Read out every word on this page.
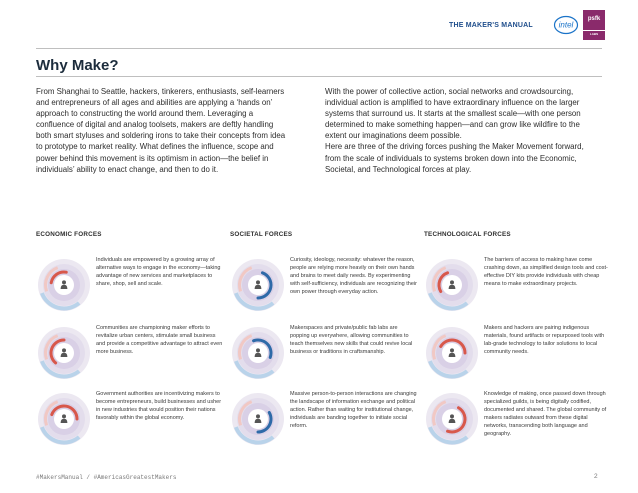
THE MAKER'S MANUAL	intel
psfk
LABS
Why Make?

From Shanghai to Seattle, hackers, tinkerers, enthusiasts, self-learners and entrepreneurs of all ages and abilities are applying a ‘hands on’ approach to constructing the world around them. Leveraging a confluence of digital and analog toolsets, makers are deftly handling both smart styluses and soldering irons to take their concepts from idea to prototype to market reality. What defines the influence, scope and power behind this movement is its optimism in action—the belief in individuals’ ability to enact change, and then to do it.

With the power of collective action, social networks and crowdsourcing, individual action is amplified to have extraordinary influence on the larger systems that surround us. It starts at the smallest scale—with one person determined to make something happen—and can grow like wildfire to the extent our imaginations deem possible.

Here are three of the driving forces pushing the Maker Movement forward, from the scale of individuals to systems broken down into the Economic, Societal, and Technological forces at play.

ECONOMIC FORCES	SOCIETAL FORCES	TECHNOLOGICAL FORCES
Individuals are empowered by a growing array of alternative ways to engage in the economy—taking advantage of new services and marketplaces to share, shop, sell and scale.
Communities are championing maker efforts to revitalize urban centers, stimulate small business and provide a competitive advantage to attract even more business.
Government authorities are incentivizing makers to become entrepreneurs, build businesses and usher in new industries that would position their nations favorably within the global economy.
Curiosity, ideology, necessity: whatever the reason, people are relying more heavily on their own hands and brains to meet daily needs. By experimenting with self-sufficiency, individuals are recognizing their own power through everyday action.
Makerspaces and private/public fab labs are popping up everywhere, allowing communities to teach themselves new skills that could revive local business or traditions in craftsmanship.
Massive person-to-person interactions are changing the landscape of information exchange and political action. Rather than waiting for institutional change, individuals are banding together to initiate social reform.
The barriers of access to making have come crashing down, as simplified design tools and cost-effective DIY kits provide individuals with cheap means to make extraordinary projects.
Makers and hackers are pairing indigenous materials, found artifacts or repurposed tools with lab-grade technology to tailor solutions to local community needs.
Knowledge of making, once passed down through specialized guilds, is being digitally codified, documented and shared. The global community of makers radiates outward from these digital networks, transcending both language and geography.
#MakersManual / #AmericasGreatestMakers	2
